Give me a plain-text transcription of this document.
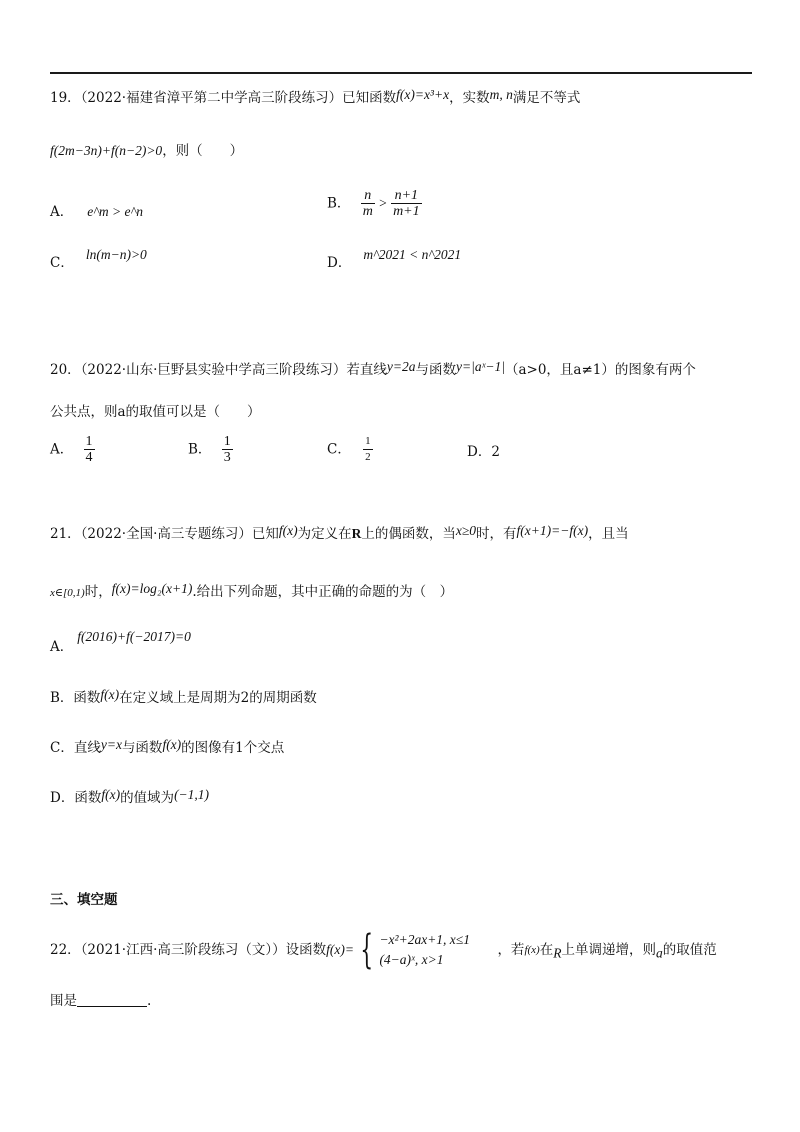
19．（2022·福建省漳平第二中学高三阶段练习）已知函数f(x)=x³+x，实数m, n满足不等式
f(2m−3n)+f(n−2)>0，则（　　）
A． e^m > e^n	B． $\frac{n}{m} > \frac{n+1}{m+1}$
C．ln(m−n)>0
D．m^2021 < n^2021
20．（2022·山东·巨野县实验中学高三阶段练习）若直线y=2a与函数y=|aˣ−1|（a>0，且a≠1）的图象有两个
公共点，则a的取值可以是（　　）
A． $\frac{1}{4}$	B． $\frac{1}{3}$	C． $\frac{1}{2}$	D．2
21．（2022·全国·高三专题练习）已知f(x)为定义在R上的偶函数，当x≥0时，有f(x+1)=−f(x)，且当
x∈[0,1)时，f(x)=log₂(x+1).给出下列命题，其中正确的命题的为（　）
A．f(2016)+f(−2017)=0
B．函数f(x)在定义域上是周期为2的周期函数
C．直线y=x与函数f(x)的图像有1个交点
D．函数f(x)的值域为(−1,1)
三、填空题
22．（2021·江西·高三阶段练习（文））设函数f(x)= { −x²+2ax+1, x≤1
(4−a)ˣ, x>1
，若f(x)在R上单调递增，则a的取值范
围是	.
